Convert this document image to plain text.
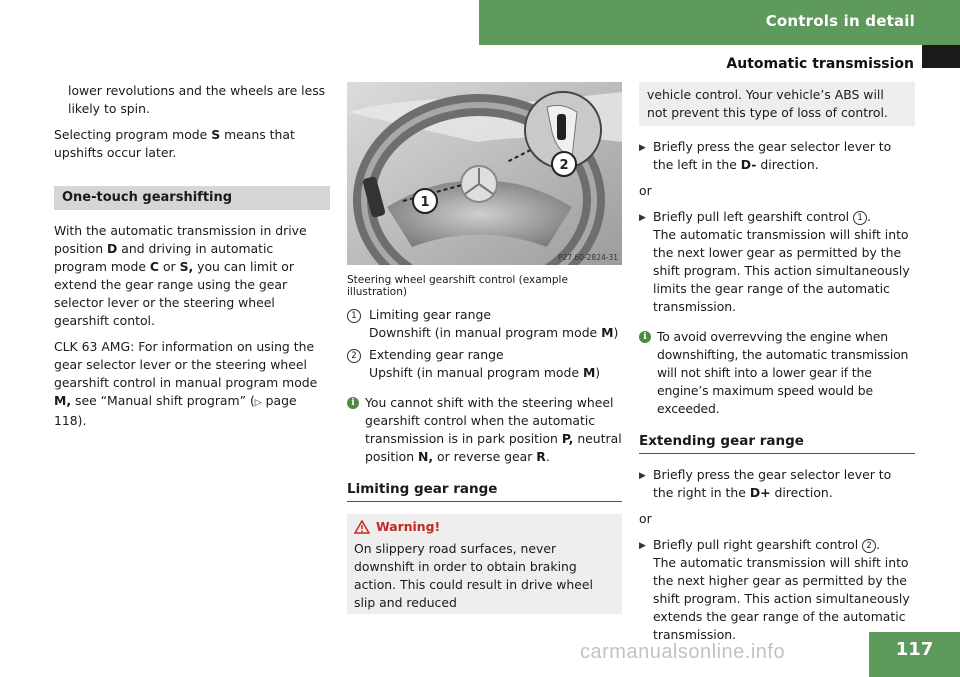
Controls in detail
Automatic transmission

lower revolutions and the wheels are less likely to spin.

Selecting program mode S means that upshifts occur later.

One-touch gearshifting

With the automatic transmission in drive position D and driving in automatic program mode C or S, you can limit or extend the gear range using the gear selector lever or the steering wheel gearshift contol.

CLK 63 AMG: For information on using the gear selector lever or the steering wheel gearshift control in manual program mode M, see “Manual shift program” (▷ page 118).

1
2
P27.60-2824-31
Steering wheel gearshift control (example illustration)
1 Limiting gear range
Downshift (in manual program mode M)
2 Extending gear range
Upshift (in manual program mode M)
i You cannot shift with the steering wheel gearshift control when the automatic transmission is in park position P, neutral position N, or reverse gear R.
Limiting gear range
Warning!
On slippery road surfaces, never downshift in order to obtain braking action. This could result in drive wheel slip and reduced
vehicle control. Your vehicle’s ABS will not prevent this type of loss of control.
▶ Briefly press the gear selector lever to the left in the D- direction.

or

▶ Briefly pull left gearshift control 1 .
The automatic transmission will shift into the next lower gear as permitted by the shift program. This action simultaneously limits the gear range of the automatic transmission.
i To avoid overrevving the engine when downshifting, the automatic transmission will not shift into a lower gear if the engine’s maximum speed would be exceeded.
Extending gear range
▶ Briefly press the gear selector lever to the right in the D+ direction.

or

▶ Briefly pull right gearshift control 2 .
The automatic transmission will shift into the next higher gear as permitted by the shift program. This action simultaneously extends the gear range of the automatic transmission.
carmanualsonline.info	117
